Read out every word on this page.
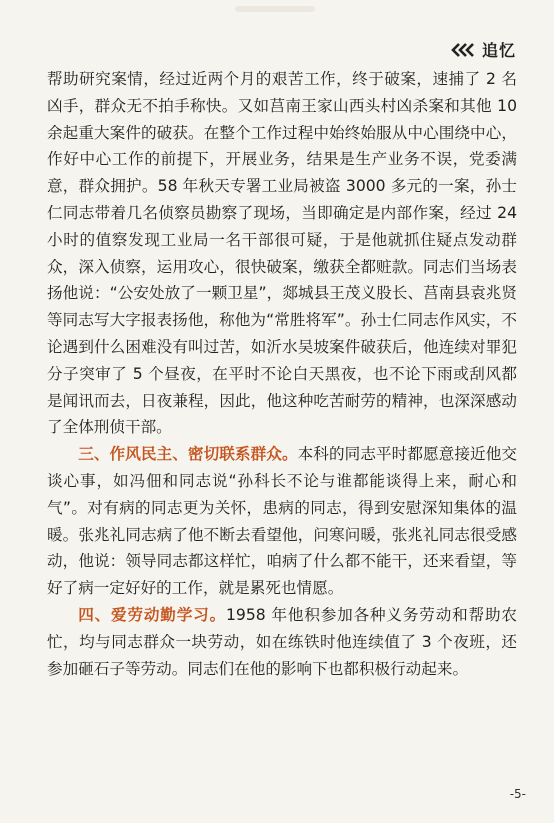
追忆

帮助研究案情，经过近两个月的艰苦工作，终于破案，速捕了 2 名凶手，群众无不拍手称快。又如莒南王家山西头村凶杀案和其他 10 余起重大案件的破获。在整个工作过程中始终始服从中心围绕中心，作好中心工作的前提下，开展业务，结果是生产业务不误，党委满意，群众拥护。58 年秋天专署工业局被盗 3000 多元的一案，孙士仁同志带着几名侦察员勘察了现场，当即确定是内部作案，经过 24 小时的值察发现工业局一名干部很可疑，于是他就抓住疑点发动群众，深入侦察，运用攻心，很快破案，缴获全都赃款。同志们当场表扬他说：“公安处放了一颗卫星”，郯城县王茂义股长、莒南县袁兆贤等同志写大字报表扬他，称他为“常胜将军”。孙士仁同志作风实，不论遇到什么困难没有叫过苦，如沂水吴坡案件破获后，他连续对罪犯分子突审了 5 个昼夜，在平时不论白天黑夜，也不论下雨或刮风都是闻讯而去，日夜兼程，因此，他这种吃苦耐劳的精神，也深深感动了全体刑侦干部。

三、作风民主、密切联系群众。本科的同志平时都愿意接近他交谈心事，如冯佃和同志说“孙科长不论与谁都能谈得上来，耐心和气”。对有病的同志更为关怀，患病的同志，得到安慰深知集体的温暖。张兆礼同志病了他不断去看望他，问寒问暖，张兆礼同志很受感动，他说：领导同志都这样忙，咱病了什么都不能干，还来看望，等好了病一定好好的工作，就是累死也情愿。

四、爱劳动勤学习。1958 年他积参加各种义务劳动和帮助农忙，均与同志群众一块劳动，如在练铁时他连续值了 3 个夜班，还参加砸石子等劳动。同志们在他的影响下也都积极行动起来。

-5-
